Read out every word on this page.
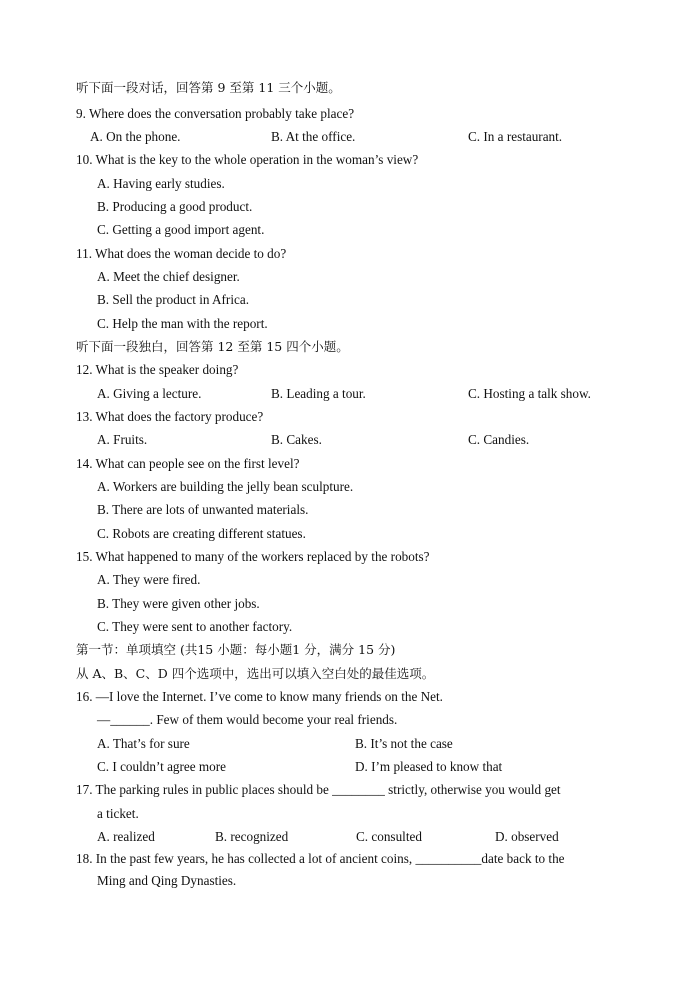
听下面一段对话，回答第 9 至第 11 三个小题。
9. Where does the conversation probably take place?
A. On the phone.	B. At the office.	C. In a restaurant.
10. What is the key to the whole operation in the woman’s view?
A. Having early studies.
B. Producing a good product.
C. Getting a good import agent.
11. What does the woman decide to do?
A. Meet the chief designer.
B. Sell the product in Africa.
C. Help the man with the report.
听下面一段独白，回答第 12 至第 15 四个小题。
12. What is the speaker doing?
A. Giving a lecture.	B. Leading a tour.	C. Hosting a talk show.
13. What does the factory produce?
A. Fruits.	B. Cakes.	C. Candies.
14. What can people see on the first level?
A. Workers are building the jelly bean sculpture.
B. There are lots of unwanted materials.
C. Robots are creating different statues.
15. What happened to many of the workers replaced by the robots?
A. They were fired.
B. They were given other jobs.
C. They were sent to another factory.
第一节：单项填空 (共15 小题：每小题1 分，满分 15 分)
从 A、B、C、D 四个选项中，选出可以填入空白处的最佳选项。
16. —I love the Internet. I’ve come to know many friends on the Net.
—______. Few of them would become your real friends.
A. That’s for sure	B. It’s not the case
C. I couldn’t agree more	D. I’m pleased to know that
17. The parking rules in public places should be ________ strictly, otherwise you would get
a ticket.
A. realized	B. recognized	C. consulted	D. observed
18. In the past few years, he has collected a lot of ancient coins, __________date back to the
Ming and Qing Dynasties.
